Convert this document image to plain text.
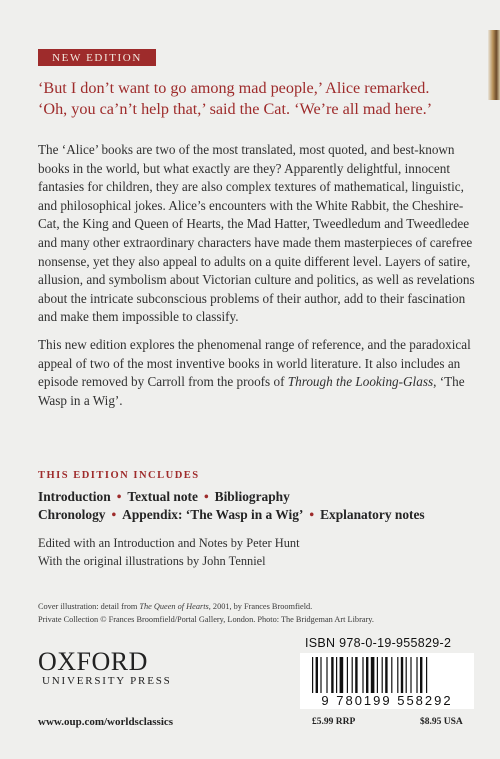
NEW EDITION

‘But I don’t want to go among mad people,’ Alice remarked.

‘Oh, you ca’n’t help that,’ said the Cat. ‘We’re all mad here.’

The ‘Alice’ books are two of the most translated, most quoted, and best-known books in the world, but what exactly are they? Apparently delightful, innocent fantasies for children, they are also complex textures of mathematical, linguistic, and philosophical jokes. Alice’s encounters with the White Rabbit, the Cheshire-Cat, the King and Queen of Hearts, the Mad Hatter, Tweedledum and Tweedledee and many other extraordinary characters have made them masterpieces of carefree nonsense, yet they also appeal to adults on a quite different level. Layers of satire, allusion, and symbolism about Victorian culture and politics, as well as revelations about the intricate subconscious problems of their author, add to their fascination and make them impossible to classify.

This new edition explores the phenomenal range of reference, and the paradoxical appeal of two of the most inventive books in world literature. It also includes an episode removed by Carroll from the proofs of Through the Looking-Glass, ‘The Wasp in a Wig’.

THIS EDITION INCLUDES
Introduction • Textual note • Bibliography
Chronology • Appendix: ‘The Wasp in a Wig’ • Explanatory notes

Edited with an Introduction and Notes by Peter Hunt

With the original illustrations by John Tenniel

Cover illustration: detail from The Queen of Hearts, 2001, by Frances Broomfield.

Private Collection © Frances Broomfield/Portal Gallery, London. Photo: The Bridgeman Art Library.

OXFORD
UNIVERSITY PRESS
www.oup.com/worldsclassics
ISBN 978-0-19-955829-2
9 780199 558292
£5.99 RRP	$8.95 USA
